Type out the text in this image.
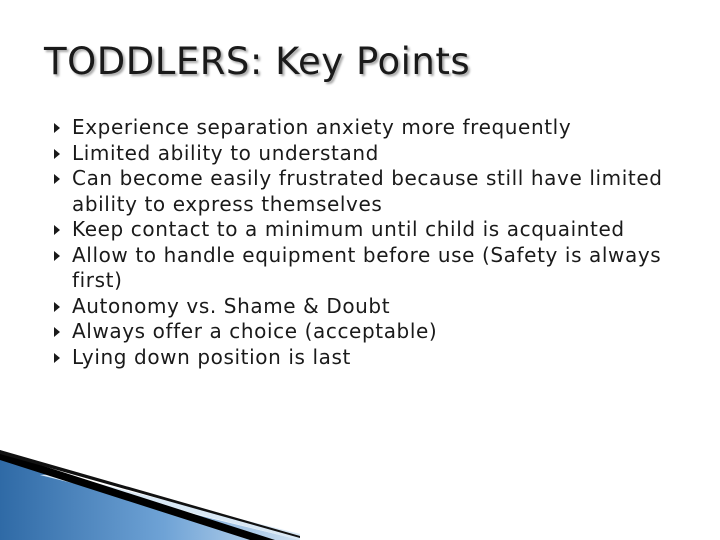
TODDLERS: Key Points
Experience separation anxiety more frequently
Limited ability to understand
Can become easily frustrated because still have limited ability to express themselves
Keep contact to a minimum until child is acquainted
Allow to handle equipment before use (Safety is always first)
Autonomy vs. Shame & Doubt
Always offer a choice (acceptable)
Lying down position is last
